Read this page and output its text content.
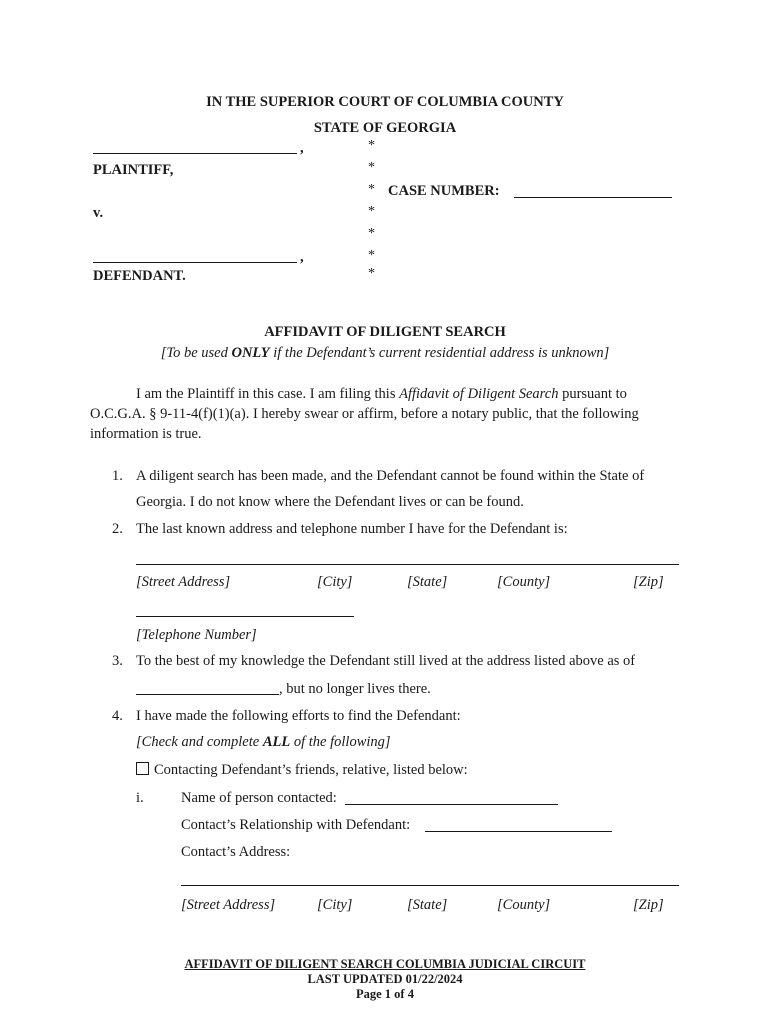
IN THE SUPERIOR COURT OF COLUMBIA COUNTY
STATE OF GEORGIA
*
*
*
*
*
*
*
,
PLAINTIFF,
CASE NUMBER:
v.
,
DEFENDANT.
AFFIDAVIT OF DILIGENT SEARCH
[To be used ONLY if the Defendant’s current residential address is unknown]
I am the Plaintiff in this case. I am filing this Affidavit of Diligent Search pursuant to
O.C.G.A. § 9-11-4(f)(1)(a). I hereby swear or affirm, before a notary public, that the following
information is true.
1. A diligent search has been made, and the Defendant cannot be found within the State of
Georgia. I do not know where the Defendant lives or can be found.
2. The last known address and telephone number I have for the Defendant is:
[Street Address]	[City]	[State]	[County]	[Zip]
[Telephone Number]
3. To the best of my knowledge the Defendant still lived at the address listed above as of
, but no longer lives there.
4. I have made the following efforts to find the Defendant:
[Check and complete ALL of the following]
Contacting Defendant’s friends, relative, listed below:
i.	Name of person contacted:
Contact’s Relationship with Defendant:
Contact’s Address:
[Street Address]	[City]	[State]	[County]	[Zip]
AFFIDAVIT OF DILIGENT SEARCH COLUMBIA JUDICIAL CIRCUIT
LAST UPDATED 01/22/2024
Page 1 of 4
